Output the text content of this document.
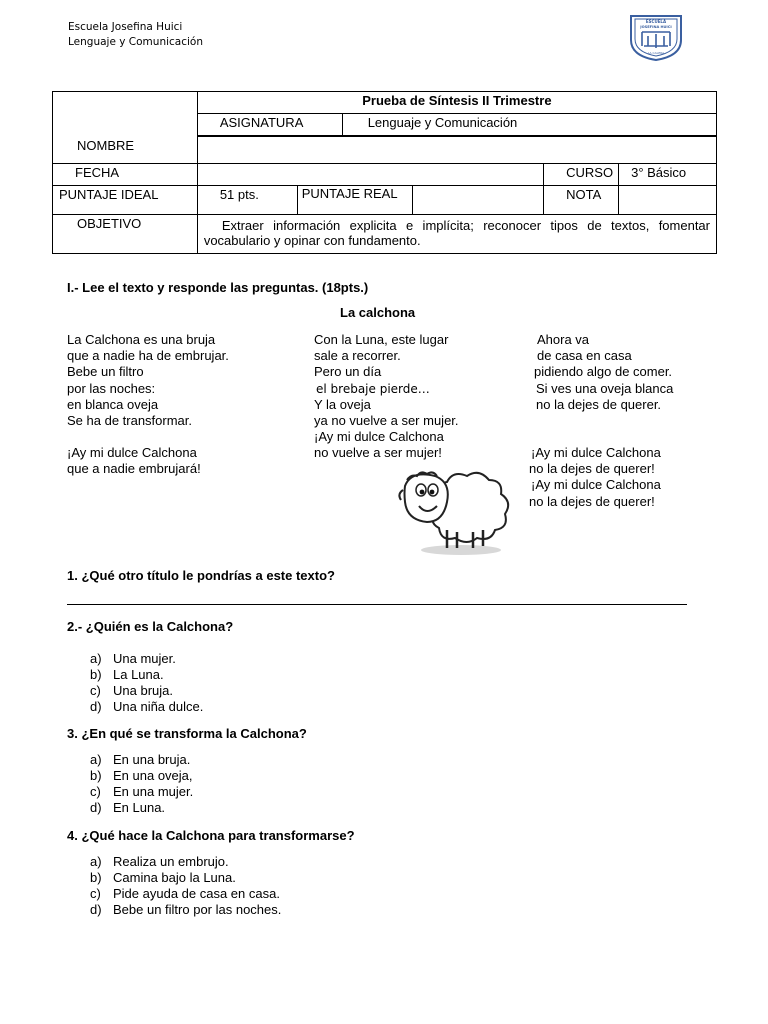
Escuela Josefina Huici
Lenguaje y Comunicación
ESCUELA
JOSEFINA HUICI
LA CALERA
	Prueba de Síntesis II Trimestre					
	ASIGNATURA		Lenguaje y Comunicación			

NOMBRE						
FECHA					CURSO	3° Básico
PUNTAJE IDEAL	51 pts.	PUNTAJE REAL			NOTA	
OBJETIVO	Extraer información explicita e implícita; reconocer tipos de textos, fomentar vocabulario y opinar con fundamento.					
I.- Lee el texto y responde las preguntas. (18pts.)
La calchona
La Calchona es una bruja
que a nadie ha de embrujar.
Bebe un filtro
por las noches:
en blanca oveja
Se ha de transformar.
¡Ay mi dulce Calchona
que a nadie embrujará!
Con la Luna, este lugar
sale a recorrer.
Pero un día
el brebaje pierde…
Y la oveja
ya no vuelve a ser mujer.
¡Ay mi dulce Calchona
no vuelve a ser mujer!
Ahora va
de casa en casa
pidiendo algo de comer.
Si ves una oveja blanca
no la dejes de querer.
¡Ay mi dulce Calchona
no la dejes de querer!
¡Ay mi dulce Calchona
no la dejes de querer!
1. ¿Qué otro título le pondrías a este texto?
2.- ¿Quién es la Calchona?
a) Una mujer.
b) La Luna.
c) Una bruja.
d) Una niña dulce.
3. ¿En qué se transforma la Calchona?
a) En una bruja.
b) En una oveja,
c) En una mujer.
d) En Luna.
4. ¿Qué hace la Calchona para transformarse?
a) Realiza un embrujo.
b) Camina bajo la Luna.
c) Pide ayuda de casa en casa.
d) Bebe un filtro por las noches.
